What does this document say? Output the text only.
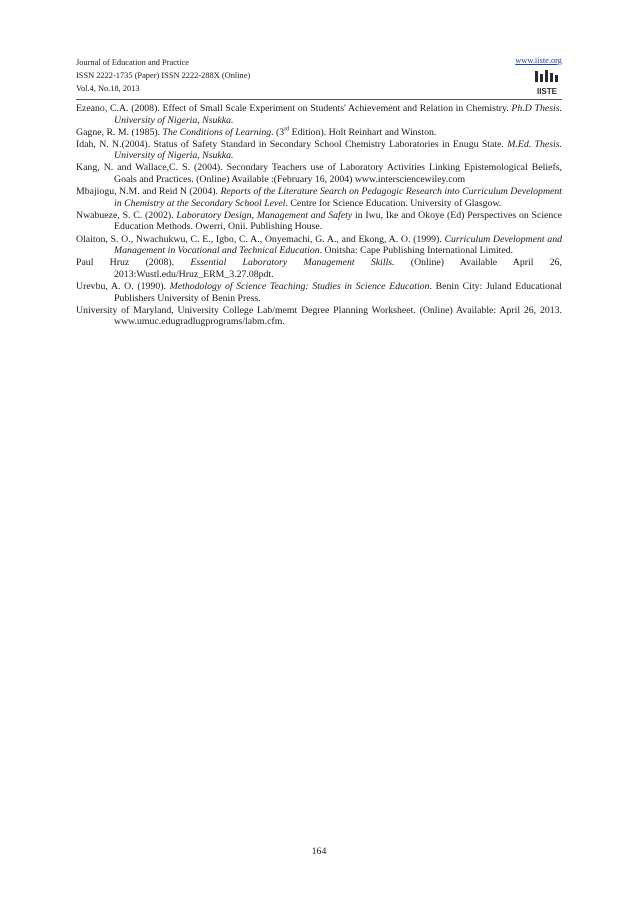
Journal of Education and Practice
ISSN 2222-1735 (Paper) ISSN 2222-288X (Online)
Vol.4, No.18, 2013
www.iiste.org
IISTE

Ezeano, C.A. (2008). Effect of Small Scale Experiment on Students' Achievement and Relation in Chemistry. Ph.D Thesis. University of Nigeria, Nsukka.

Gagne, R. M. (1985). The Conditions of Learning. (3rd Edition). Holt Reinhart and Winston.

Idah, N. N.(2004). Status of Safety Standard in Secondary School Chemistry Laboratories in Enugu State. M.Ed. Thesis. University of Nigeria, Nsukka.

Kang, N. and Wallace,C. S. (2004). Secondary Teachers use of Laboratory Activities Linking Epistemological Beliefs, Goals and Practices. (Online) Available :(February 16, 2004) www.intersciencewiley.com

Mbajiogu, N.M. and Reid N (2004). Reports of the Literature Search on Pedagogic Research into Curriculum Development in Chemistry at the Secondary School Level. Centre for Science Education. University of Glasgow.

Nwabueze, S. C. (2002). Laboratory Design, Management and Safety in Iwu, Ike and Okoye (Ed) Perspectives on Science Education Methods. Owerri, Onii. Publishing House.

Olaiton, S. O., Nwachukwu, C. E., Igbo, C. A., Onyemachi, G. A., and Ekong, A. O. (1999). Curriculum Development and Management in Vocational and Technical Education. Onitsha: Cape Publishing International Limited.

Paul Hruz (2008). Essential Laboratory Management Skills. (Online) Available April 26, 2013:Wustl.edu/Hruz_ERM_3.27.08pdt.

Urevbu, A. O. (1990). Methodology of Science Teaching: Studies in Science Education. Benin City: Juland Educational Publishers University of Benin Press.

University of Maryland, University College Lab/memt Degree Planning Worksheet. (Online) Available: April 26, 2013. www.umuc.edugradlugprograms/labm.cfm.

164
